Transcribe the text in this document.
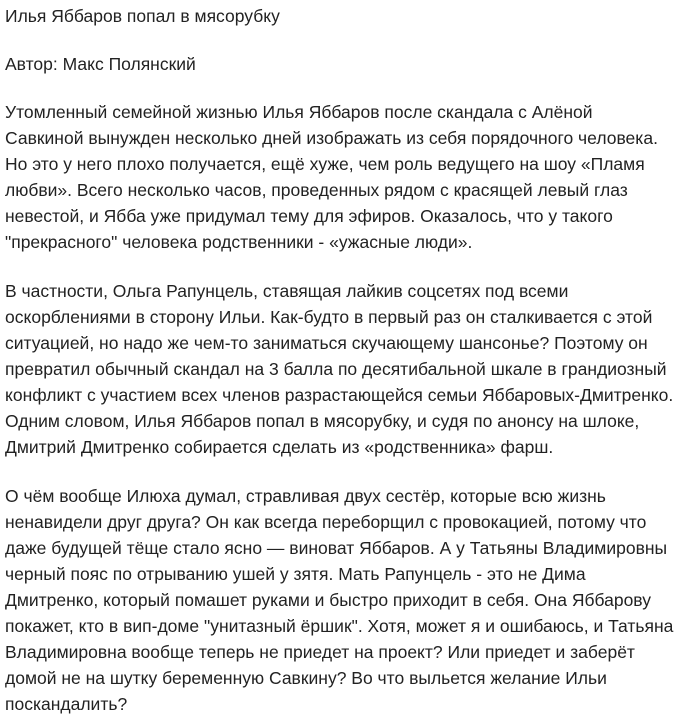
Илья Яббаров попал в мясорубку

Автор: Макс Полянский

Утомленный семейной жизнью Илья Яббаров после скандала с Алёной
Савкиной вынужден несколько дней изображать из себя порядочного человека.
Но это у него плохо получается, ещё хуже, чем роль ведущего на шоу «Пламя
любви». Всего несколько часов, проведенных рядом с красящей левый глаз
невестой, и Ябба уже придумал тему для эфиров. Оказалось, что у такого
"прекрасного" человека родственники - «ужасные люди».

В частности, Ольга Рапунцель, ставящая лайкив соцсетях под всеми
оскорблениями в сторону Ильи. Как-будто в первый раз он сталкивается с этой
ситуацией, но надо же чем-то заниматься скучающему шансонье? Поэтому он
превратил обычный скандал на 3 балла по десятибальной шкале в грандиозный
конфликт с участием всех членов разрастающейся семьи Яббаровых-Дмитренко.
Одним словом, Илья Яббаров попал в мясорубку, и судя по анонсу на шлоке,
Дмитрий Дмитренко собирается сделать из «родственника» фарш.

О чём вообще Илюха думал, стравливая двух сестёр, которые всю жизнь
ненавидели друг друга? Он как всегда переборщил с провокацией, потому что
даже будущей тёще стало ясно — виноват Яббаров. А у Татьяны Владимировны
черный пояс по отрыванию ушей у зятя. Мать Рапунцель - это не Дима
Дмитренко, который помашет руками и быстро приходит в себя. Она Яббарову
покажет, кто в вип-доме "унитазный ёршик". Хотя, может я и ошибаюсь, и Татьяна
Владимировна вообще теперь не приедет на проект? Или приедет и заберёт
домой не на шутку беременную Савкину? Во что выльется желание Ильи
поскандалить?
